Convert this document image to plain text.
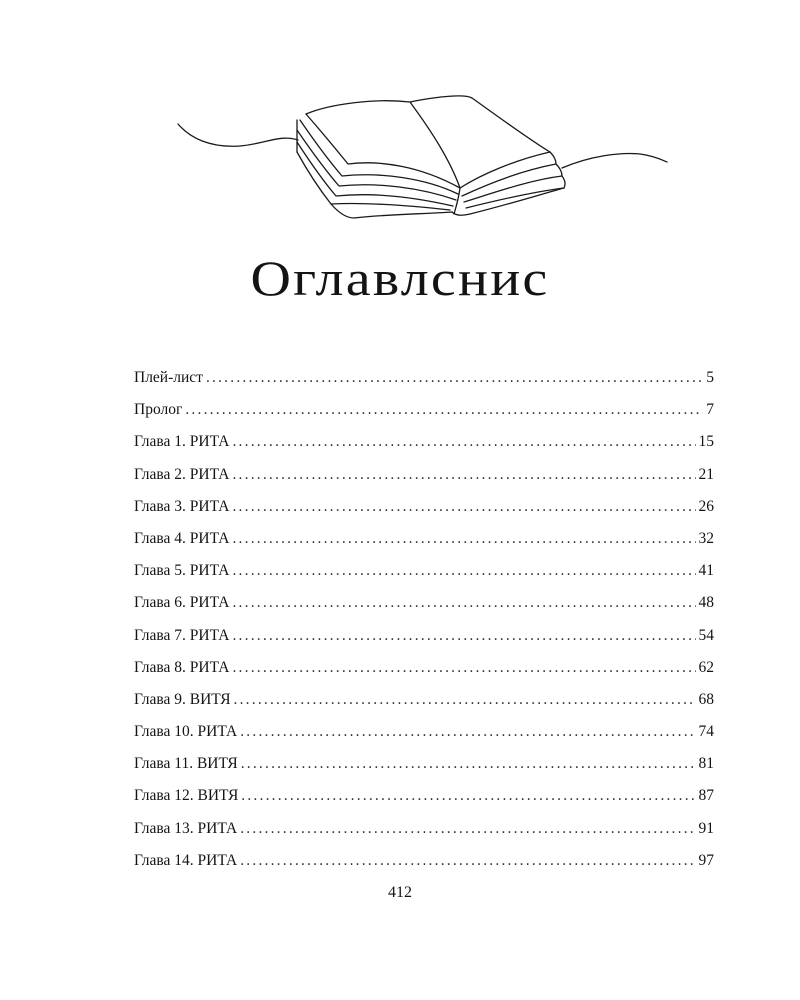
Оглавлснис
Плей-лист .....	5
Пролог .....	7
Глава 1. РИТА .....	15
Глава 2. РИТА .....	21
Глава 3. РИТА .....	26
Глава 4. РИТА .....	32
Глава 5. РИТА .....	41
Глава 6. РИТА .....	48
Глава 7. РИТА .....	54
Глава 8. РИТА .....	62
Глава 9. ВИТЯ .....	68
Глава 10. РИТА .....	74
Глава 11. ВИТЯ .....	81
Глава 12. ВИТЯ .....	87
Глава 13. РИТА .....	91
Глава 14. РИТА .....	97
412
